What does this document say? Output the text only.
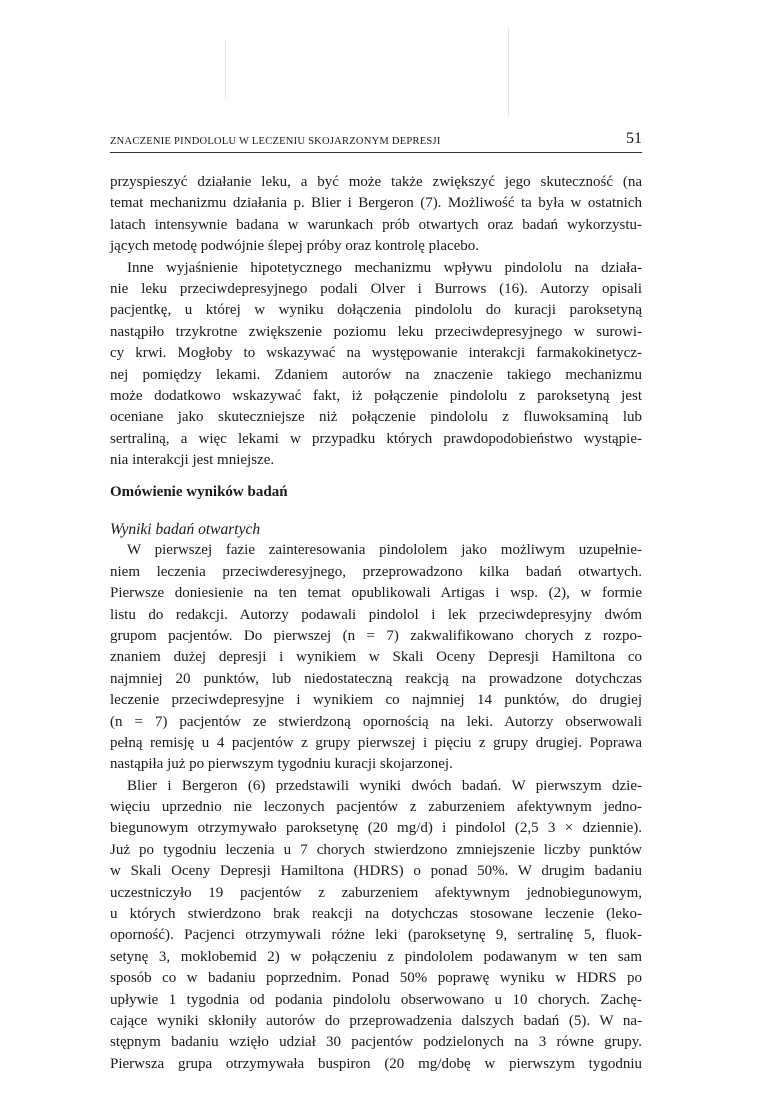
ZNACZENIE PINDOLOLU W LECZENIU SKOJARZONYM DEPRESJI	51
przyspieszyć działanie leku, a być może także zwiększyć jego skuteczność (na
temat mechanizmu działania p. Blier i Bergeron (7). Możliwość ta była w ostatnich
latach intensywnie badana w warunkach prób otwartych oraz badań wykorzystu-
jących metodę podwójnie ślepej próby oraz kontrolę placebo.
Inne wyjaśnienie hipotetycznego mechanizmu wpływu pindololu na działa-
nie leku przeciwdepresyjnego podali Olver i Burrows (16). Autorzy opisali
pacjentkę, u której w wyniku dołączenia pindololu do kuracji paroksetyną
nastąpiło trzykrotne zwiększenie poziomu leku przeciwdepresyjnego w surowi-
cy krwi. Mogłoby to wskazywać na występowanie interakcji farmakokinetycz-
nej pomiędzy lekami. Zdaniem autorów na znaczenie takiego mechanizmu
może dodatkowo wskazywać fakt, iż połączenie pindololu z paroksetyną jest
oceniane jako skuteczniejsze niż połączenie pindololu z fluwoksaminą lub
sertraliną, a więc lekami w przypadku których prawdopodobieństwo wystąpie-
nia interakcji jest mniejsze.
Omówienie wyników badań
Wyniki badań otwartych
W pierwszej fazie zainteresowania pindololem jako możliwym uzupełnie-
niem leczenia przeciwderesyjnego, przeprowadzono kilka badań otwartych.
Pierwsze doniesienie na ten temat opublikowali Artigas i wsp. (2), w formie
listu do redakcji. Autorzy podawali pindolol i lek przeciwdepresyjny dwóm
grupom pacjentów. Do pierwszej (n = 7) zakwalifikowano chorych z rozpo-
znaniem dużej depresji i wynikiem w Skali Oceny Depresji Hamiltona co
najmniej 20 punktów, lub niedostateczną reakcją na prowadzone dotychczas
leczenie przeciwdepresyjne i wynikiem co najmniej 14 punktów, do drugiej
(n = 7) pacjentów ze stwierdzoną opornością na leki. Autorzy obserwowali
pełną remisję u 4 pacjentów z grupy pierwszej i pięciu z grupy drugiej. Poprawa
nastąpiła już po pierwszym tygodniu kuracji skojarzonej.
Blier i Bergeron (6) przedstawili wyniki dwóch badań. W pierwszym dzie-
więciu uprzednio nie leczonych pacjentów z zaburzeniem afektywnym jedno-
biegunowym otrzymywało paroksetynę (20 mg/d) i pindolol (2,5 3 × dziennie).
Już po tygodniu leczenia u 7 chorych stwierdzono zmniejszenie liczby punktów
w Skali Oceny Depresji Hamiltona (HDRS) o ponad 50%. W drugim badaniu
uczestniczyło 19 pacjentów z zaburzeniem afektywnym jednobiegunowym,
u których stwierdzono brak reakcji na dotychczas stosowane leczenie (leko-
oporność). Pacjenci otrzymywali różne leki (paroksetynę 9, sertralinę 5, fluok-
setynę 3, moklobemid 2) w połączeniu z pindololem podawanym w ten sam
sposób co w badaniu poprzednim. Ponad 50% poprawę wyniku w HDRS po
upływie 1 tygodnia od podania pindololu obserwowano u 10 chorych. Zachę-
cające wyniki skłoniły autorów do przeprowadzenia dalszych badań (5). W na-
stępnym badaniu wzięło udział 30 pacjentów podzielonych na 3 równe grupy.
Pierwsza grupa otrzymywała buspiron (20 mg/dobę w pierwszym tygodniu
